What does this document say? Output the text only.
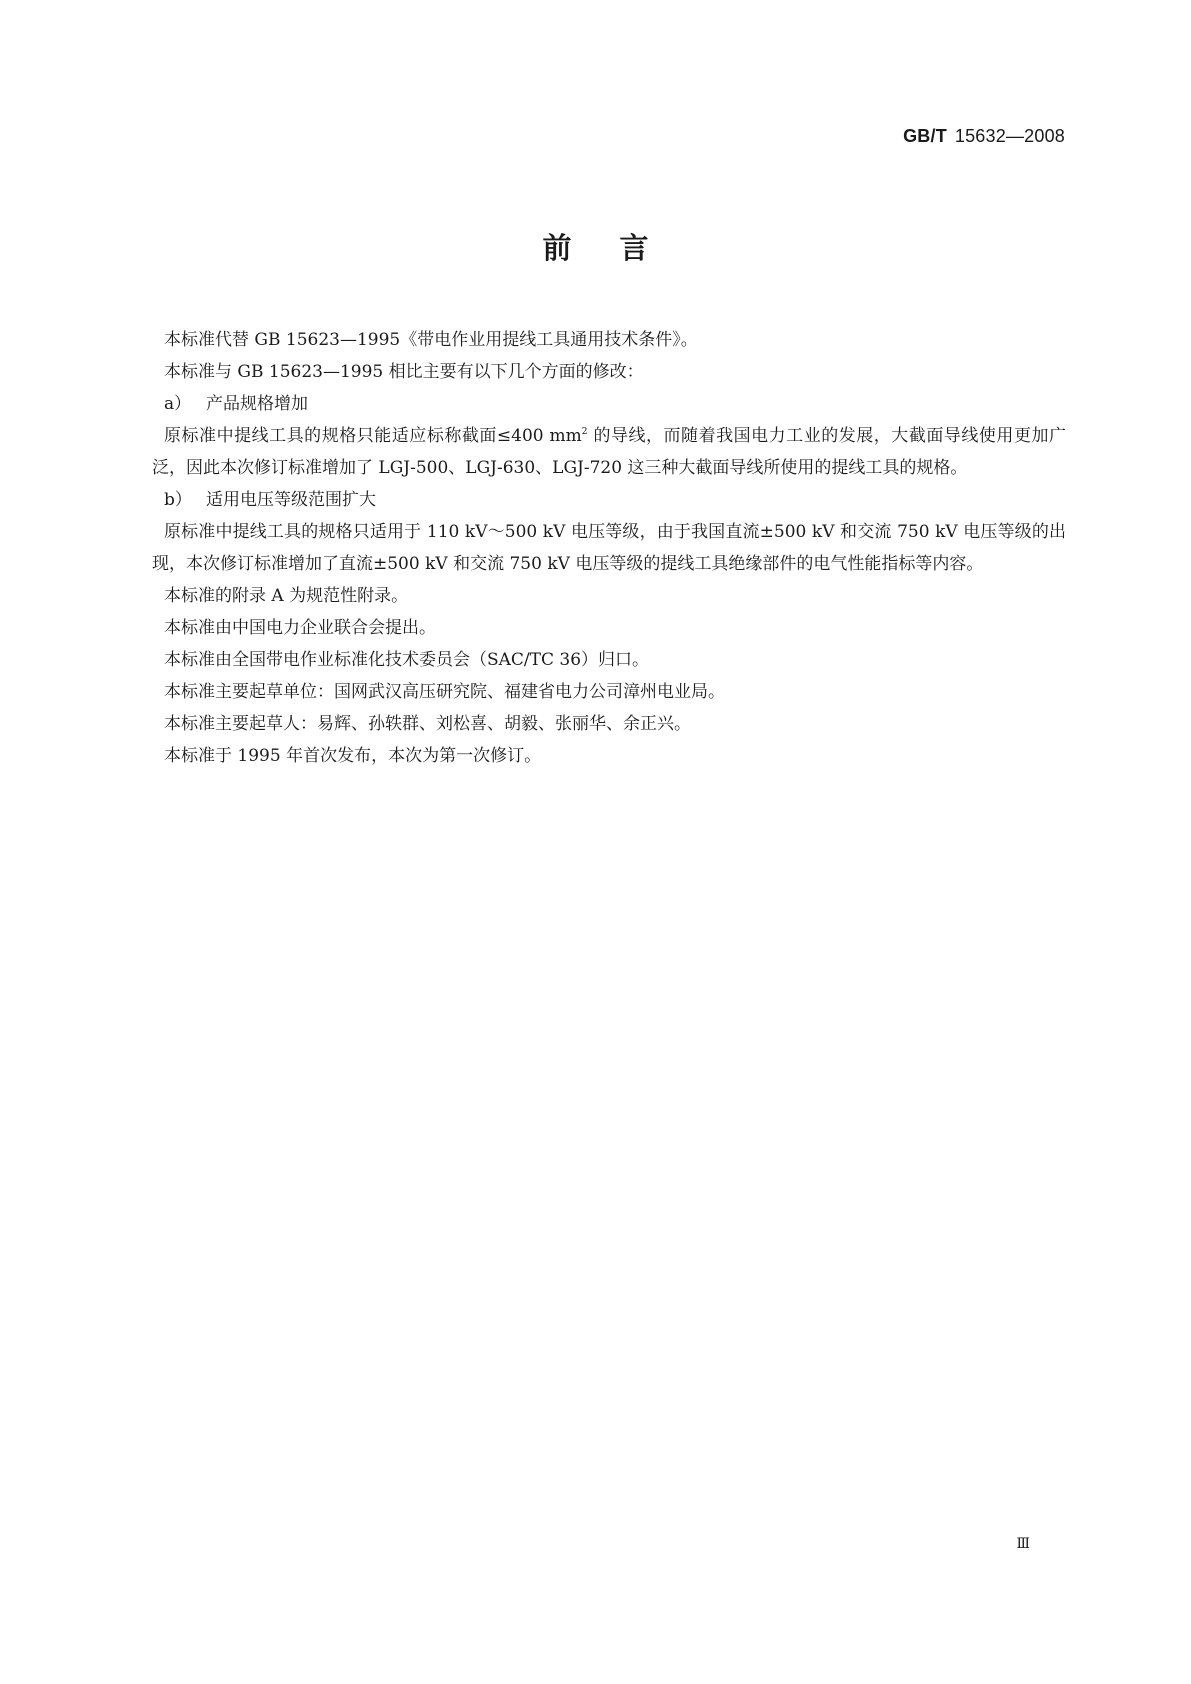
GB/T 15632—2008
前言

本标准代替 GB 15623—1995《带电作业用提线工具通用技术条件》。

本标准与 GB 15623—1995 相比主要有以下几个方面的修改：

a） 产品规格增加

原标准中提线工具的规格只能适应标称截面≤400 $mm^2$ 的导线，而随着我国电力工业的发展，大截面导线使用更加广泛，因此本次修订标准增加了 LGJ-500、LGJ-630、LGJ-720 这三种大截面导线所使用的提线工具的规格。

b） 适用电压等级范围扩大

原标准中提线工具的规格只适用于 110 kV～500 kV 电压等级，由于我国直流±500 kV 和交流 750 kV 电压等级的出现，本次修订标准增加了直流±500 kV 和交流 750 kV 电压等级的提线工具绝缘部件的电气性能指标等内容。

本标准的附录 A 为规范性附录。

本标准由中国电力企业联合会提出。

本标准由全国带电作业标准化技术委员会（SAC/TC 36）归口。

本标准主要起草单位：国网武汉高压研究院、福建省电力公司漳州电业局。

本标准主要起草人：易辉、孙轶群、刘松喜、胡毅、张丽华、余正兴。

本标准于 1995 年首次发布，本次为第一次修订。

Ⅲ
